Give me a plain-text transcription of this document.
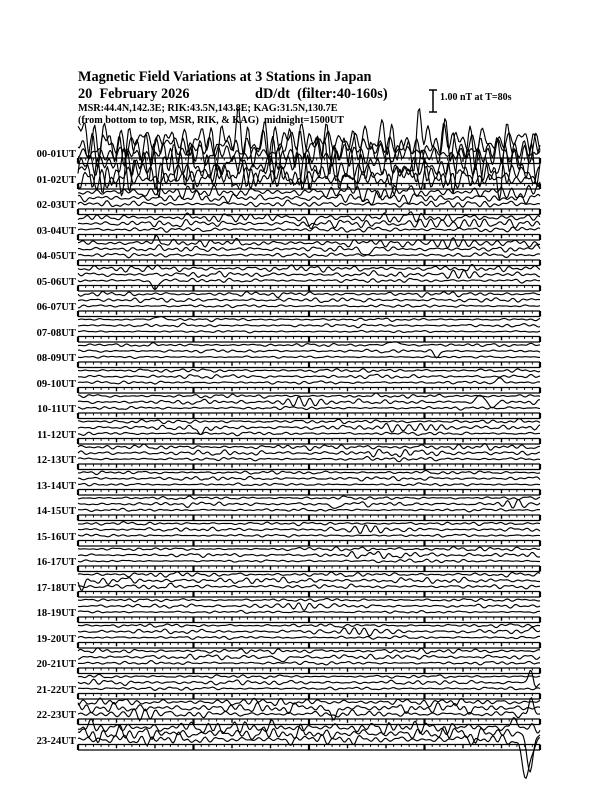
Magnetic Field Variations at 3 Stations in Japan
20  February 2026	dD/dt  (filter:40-160s)
MSR:44.4N,142.3E; RIK:43.5N,143.8E; KAG:31.5N,130.7E
(from bottom to top, MSR, RIK, & KAG)  midnight=1500UT
1.00 nT at T=80s
00-01UT
01-02UT
02-03UT
03-04UT
04-05UT
05-06UT
06-07UT
07-08UT
08-09UT
09-10UT
10-11UT
11-12UT
12-13UT
13-14UT
14-15UT
15-16UT
16-17UT
17-18UT
18-19UT
19-20UT
20-21UT
21-22UT
22-23UT
23-24UT
